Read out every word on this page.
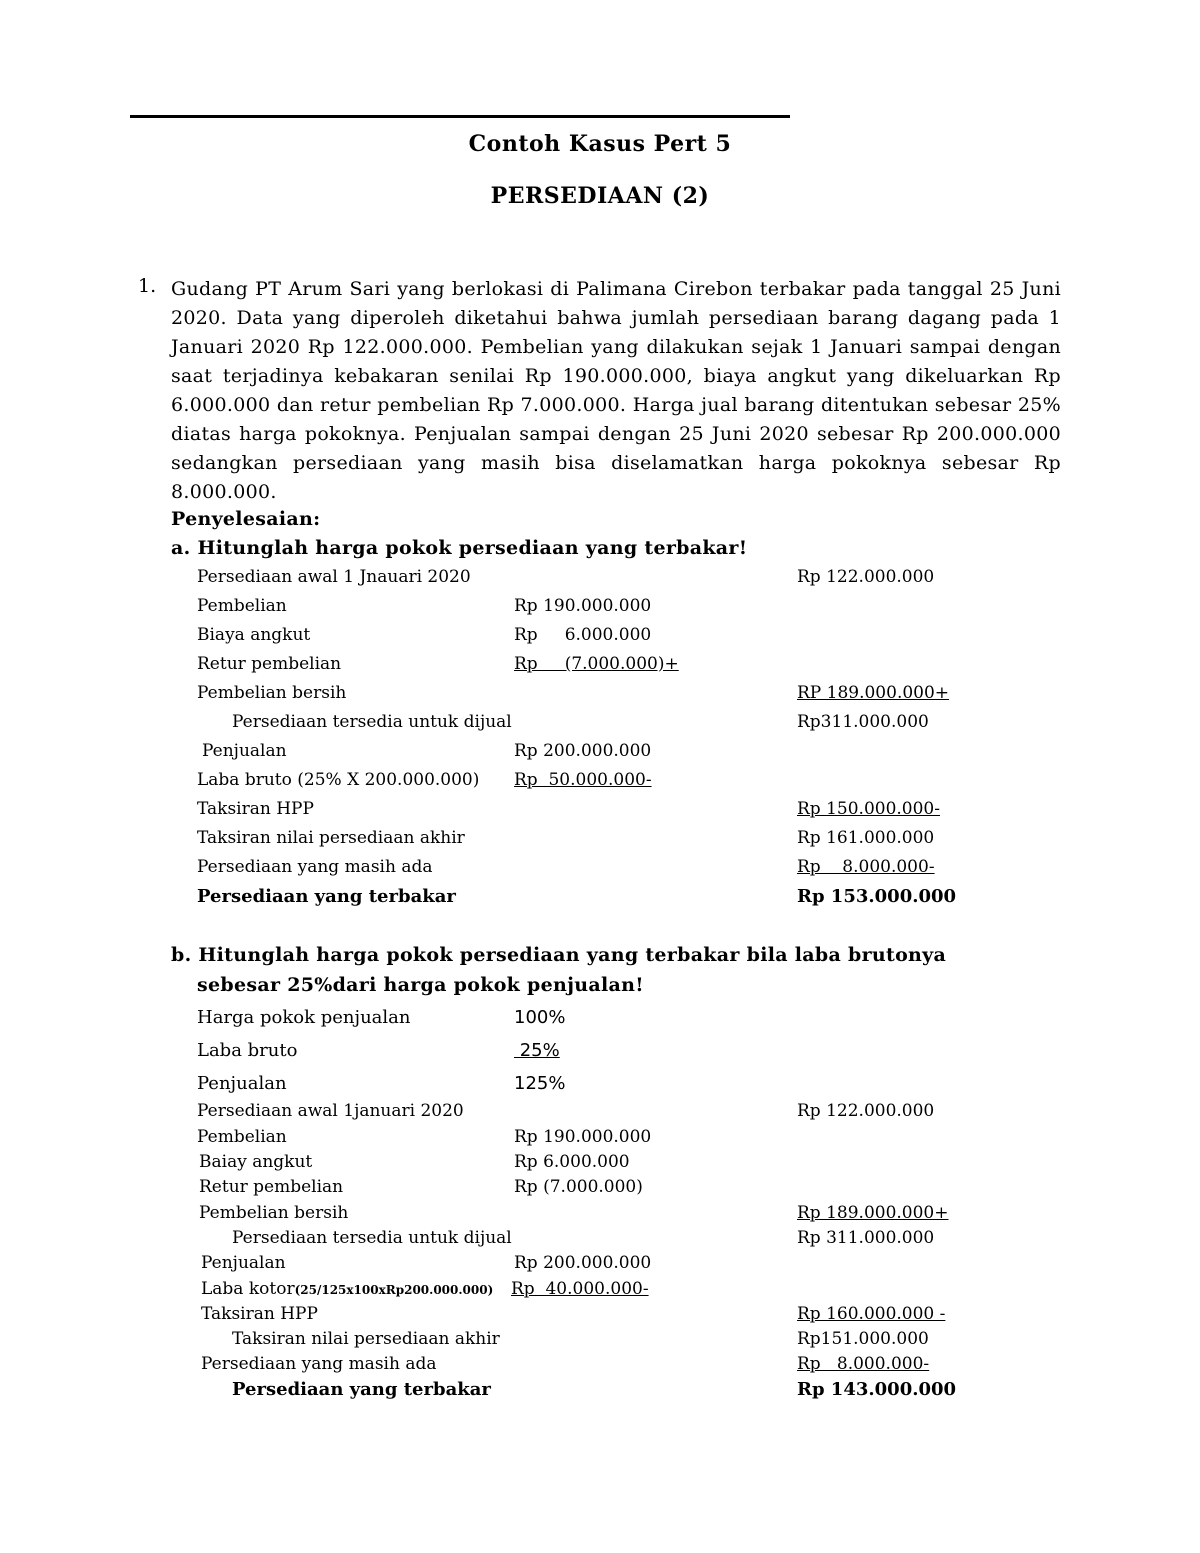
Contoh Kasus Pert 5
PERSEDIAAN (2)
1. Gudang PT Arum Sari yang berlokasi di Palimana Cirebon terbakar pada tanggal 25 Juni 2020. Data yang diperoleh diketahui bahwa jumlah persediaan barang dagang pada 1 Januari 2020 Rp 122.000.000. Pembelian yang dilakukan sejak 1 Januari sampai dengan saat terjadinya kebakaran senilai Rp 190.000.000, biaya angkut yang dikeluarkan Rp 6.000.000 dan retur pembelian Rp 7.000.000. Harga jual barang ditentukan sebesar 25% diatas harga pokoknya. Penjualan sampai dengan 25 Juni 2020 sebesar Rp 200.000.000 sedangkan persediaan yang masih bisa diselamatkan harga pokoknya sebesar Rp 8.000.000.
Penyelesaian:
a. Hitunglah harga pokok persediaan yang terbakar!
Persediaan awal 1 Jnauari 2020	Rp 122.000.000
Pembelian	Rp 190.000.000
Biaya angkut	Rp     6.000.000
Retur pembelian	Rp     (7.000.000)+
Pembelian bersih	RP 189.000.000+
Persediaan tersedia untuk dijual	Rp311.000.000
Penjualan	Rp 200.000.000
Laba bruto (25% X 200.000.000) Rp  50.000.000-
Taksiran HPP	Rp 150.000.000-
Taksiran nilai persediaan akhir	Rp 161.000.000
Persediaan yang masih ada	Rp    8.000.000-
Persediaan yang terbakar	Rp 153.000.000
b. Hitunglah harga pokok persediaan yang terbakar bila laba brutonya
sebesar 25%dari harga pokok penjualan!
Harga pokok penjualan	100%
Laba bruto	25%
Penjualan	125%
Persediaan awal 1januari 2020	Rp 122.000.000
Pembelian	Rp 190.000.000
Baiay angkut	Rp 6.000.000
Retur pembelian	Rp (7.000.000)
Pembelian bersih	Rp 189.000.000+
Persediaan tersedia untuk dijual	Rp 311.000.000
Penjualan	Rp 200.000.000
Laba kotor(25/125x100xRp200.000.000) Rp  40.000.000-
Taksiran HPP	Rp 160.000.000 -
Taksiran nilai persediaan akhir	Rp151.000.000
Persediaan yang masih ada	Rp   8.000.000-
Persediaan yang terbakar	Rp 143.000.000
